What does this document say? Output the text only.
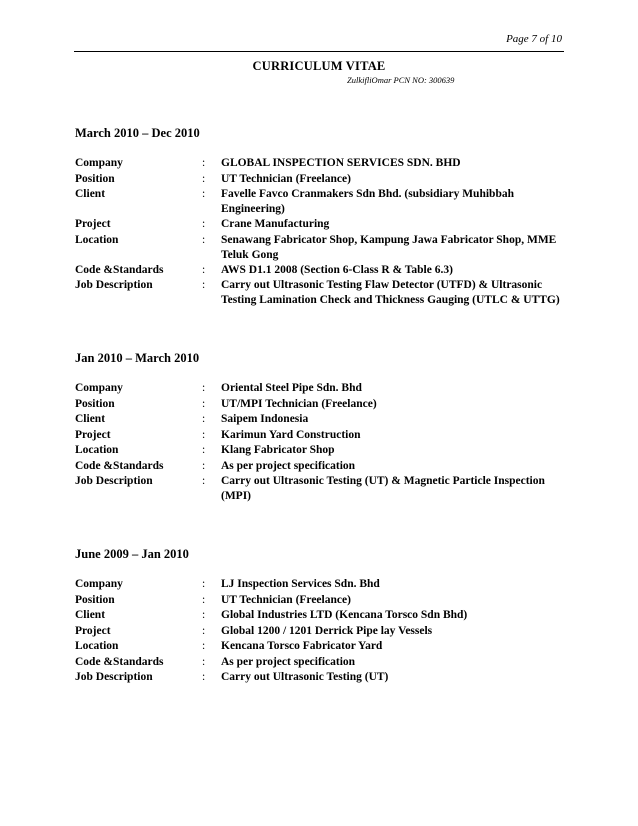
Page 7 of 10
CURRICULUM VITAE
ZulkifliOmar PCN NO: 300639
March 2010 – Dec 2010
Company	:	GLOBAL INSPECTION SERVICES SDN. BHD
Position	:	UT Technician (Freelance)
Client	:	Favelle Favco Cranmakers Sdn Bhd. (subsidiary Muhibbah Engineering)
Project	:	Crane Manufacturing
Location	:	Senawang Fabricator Shop, Kampung Jawa Fabricator Shop, MME Teluk Gong
Code &Standards	:	AWS D1.1 2008 (Section 6-Class R & Table 6.3)
Job Description	:	Carry out Ultrasonic Testing Flaw Detector (UTFD) & Ultrasonic Testing Lamination Check and Thickness Gauging (UTLC & UTTG)
Jan 2010 – March 2010
Company	:	Oriental Steel Pipe Sdn. Bhd
Position	:	UT/MPI Technician (Freelance)
Client	:	Saipem Indonesia
Project	:	Karimun Yard Construction
Location	:	Klang Fabricator Shop
Code &Standards	:	As per project specification
Job Description	:	Carry out Ultrasonic Testing (UT) & Magnetic Particle Inspection (MPI)
June 2009 – Jan 2010
Company	:	LJ Inspection Services Sdn. Bhd
Position	:	UT Technician (Freelance)
Client	:	Global Industries LTD (Kencana Torsco Sdn Bhd)
Project	:	Global 1200 / 1201 Derrick Pipe lay Vessels
Location	:	Kencana Torsco Fabricator Yard
Code &Standards	:	As per project specification
Job Description	:	Carry out Ultrasonic Testing (UT)
